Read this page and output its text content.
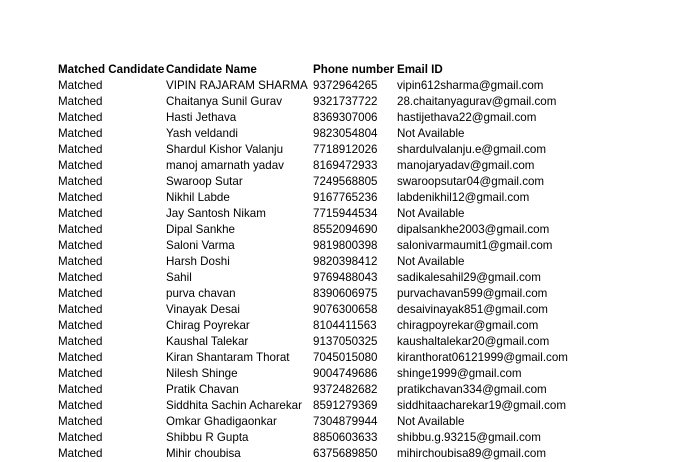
Matched Candidate	Candidate Name	Phone number	Email ID
Matched	VIPIN RAJARAM SHARMA	9372964265	vipin612sharma@gmail.com
Matched	Chaitanya Sunil Gurav	9321737722	28.chaitanyagurav@gmail.com
Matched	Hasti Jethava	8369307006	hastijethava22@gmail.com
Matched	Yash veldandi	9823054804	Not Available
Matched	Shardul Kishor Valanju	7718912026	shardulvalanju.e@gmail.com
Matched	manoj amarnath yadav	8169472933	manojaryadav@gmail.com
Matched	Swaroop Sutar	7249568805	swaroopsutar04@gmail.com
Matched	Nikhil Labde	9167765236	labdenikhil12@gmail.com
Matched	Jay Santosh Nikam	7715944534	Not Available
Matched	Dipal Sankhe	8552094690	dipalsankhe2003@gmail.com
Matched	Saloni Varma	9819800398	salonivarmaumit1@gmail.com
Matched	Harsh Doshi	9820398412	Not Available
Matched	Sahil	9769488043	sadikalesahil29@gmail.com
Matched	purva chavan	8390606975	purvachavan599@gmail.com
Matched	Vinayak Desai	9076300658	desaivinayak851@gmail.com
Matched	Chirag Poyrekar	8104411563	chiragpoyrekar@gmail.com
Matched	Kaushal Talekar	9137050325	kaushaltalekar20@gmail.com
Matched	Kiran Shantaram Thorat	7045015080	kiranthorat06121999@gmail.com
Matched	Nilesh Shinge	9004749686	shinge1999@gmail.com
Matched	Pratik Chavan	9372482682	pratikchavan334@gmail.com
Matched	Siddhita Sachin Acharekar	8591279369	siddhitaacharekar19@gmail.com
Matched	Omkar Ghadigaonkar	7304879944	Not Available
Matched	Shibbu R Gupta	8850603633	shibbu.g.93215@gmail.com
Matched	Mihir choubisa	6375689850	mihirchoubisa89@gmail.com
